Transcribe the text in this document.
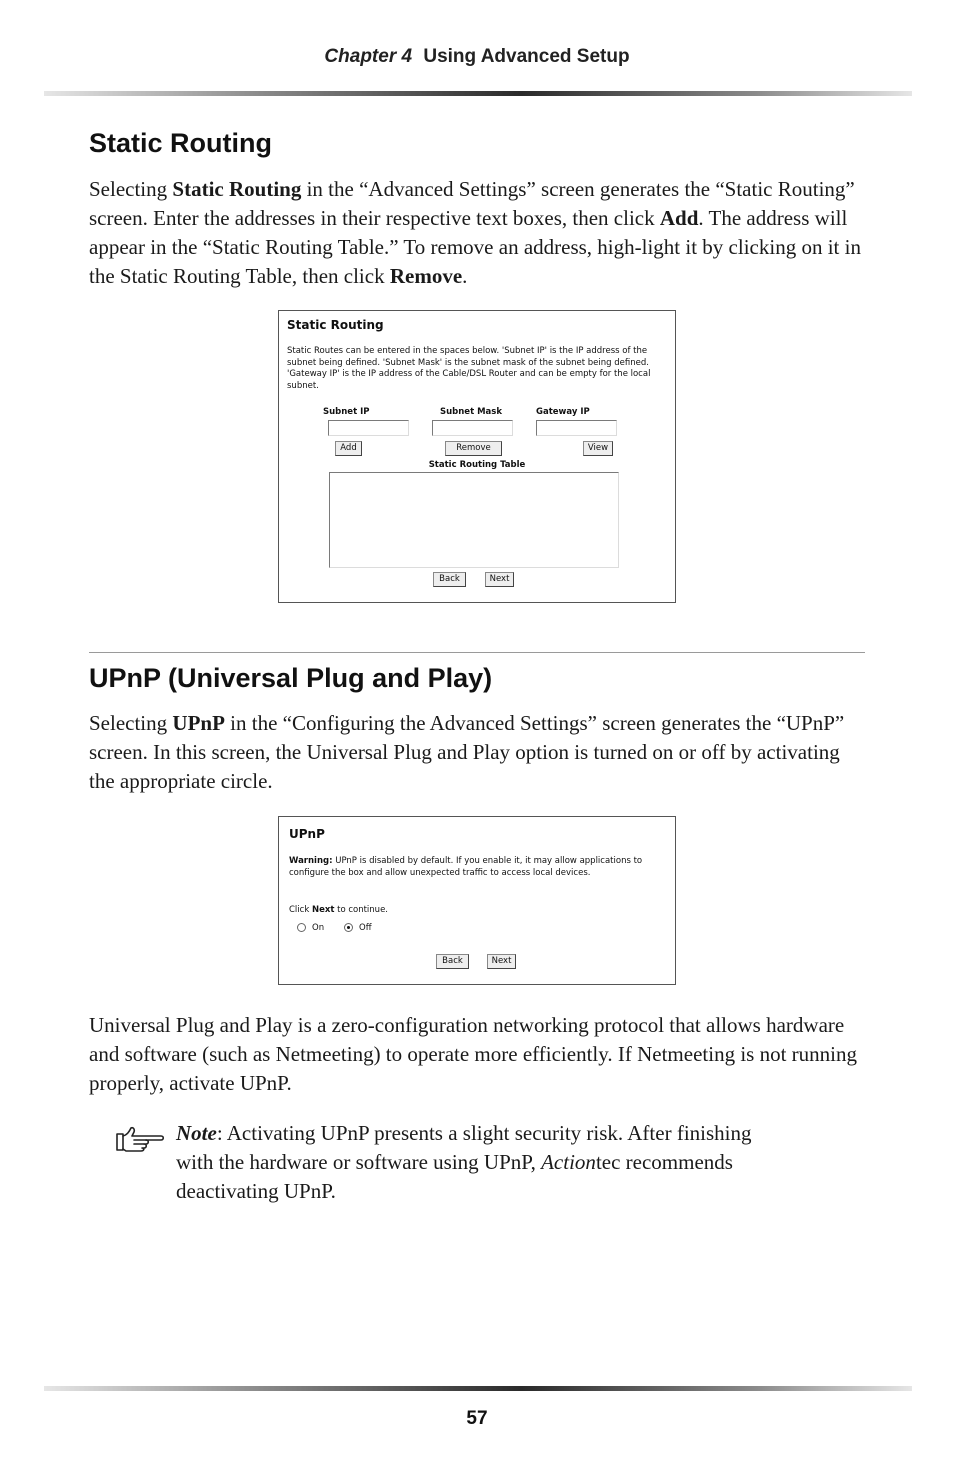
Chapter 4 Using Advanced Setup
Static Routing

Selecting Static Routing in the “Advanced Settings” screen generates the “Static Routing” screen. Enter the addresses in their respective text boxes, then click Add. The address will appear in the “Static Routing Table.” To remove an address, high-light it by clicking on it in the Static Routing Table, then click Remove.

Static Routing
Static Routes can be entered in the spaces below. 'Subnet IP' is the IP address of the subnet being defined. 'Subnet Mask' is the subnet mask of the subnet being defined. 'Gateway IP' is the IP address of the Cable/DSL Router and can be empty for the local subnet.
Subnet IP	Subnet Mask	Gateway IP
Add	Remove	View
Static Routing Table
Back	Next
UPnP (Universal Plug and Play)

Selecting UPnP in the “Configuring the Advanced Settings” screen generates the “UPnP” screen. In this screen, the Universal Plug and Play option is turned on or off by activating the appropriate circle.

UPnP
Warning: UPnP is disabled by default. If you enable it, it may allow applications to configure the box and allow unexpected traffic to access local devices.
Click Next to continue.
On	Off
Back	Next

Universal Plug and Play is a zero-configuration networking protocol that allows hardware and software (such as Netmeeting) to operate more efficiently. If Netmeeting is not running properly, activate UPnP.

Note: Activating UPnP presents a slight security risk. After finishing with the hardware or software using UPnP, Actiontec recommends deactivating UPnP.

57
